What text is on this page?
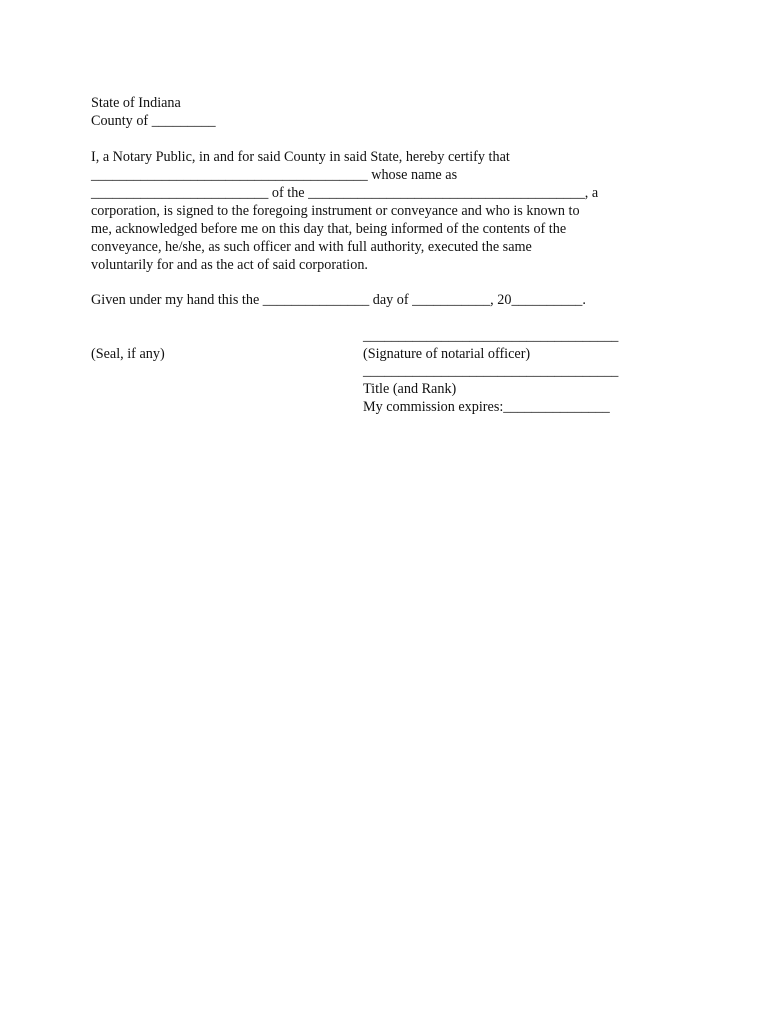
State of Indiana
County of _________
I, a Notary Public, in and for said County in said State, hereby certify that
_______________________________________ whose name as
_________________________ of the _______________________________________, a
corporation, is signed to the foregoing instrument or conveyance and who is known to
me, acknowledged before me on this day that, being informed of the contents of the
conveyance, he/she, as such officer and with full authority, executed the same
voluntarily for and as the act of said corporation.
Given under my hand this the _______________ day of ___________, 20__________.
____________________________________
(Seal, if any)	(Signature of notarial officer)
____________________________________
Title (and Rank)
My commission expires:_______________
